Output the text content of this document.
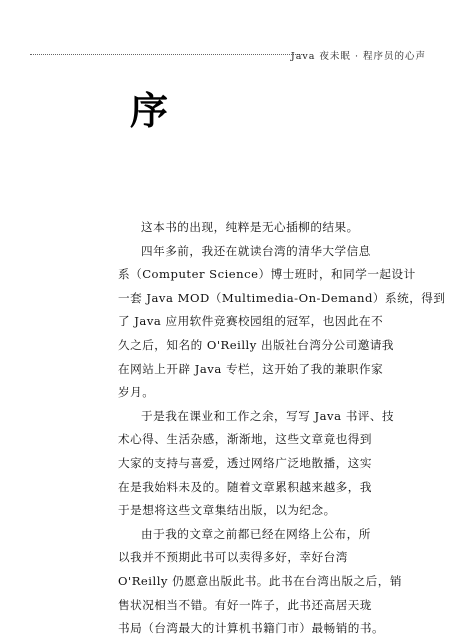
Java 夜未眠 · 程序员的心声
序

这本书的出现，纯粹是无心插柳的结果。

四年多前，我还在就读台湾的清华大学信息
系（Computer Science）博士班时，和同学一起设计
一套 Java MOD（Multimedia-On-Demand）系统，得到
了 Java 应用软件竞赛校园组的冠军，也因此在不
久之后，知名的 O'Reilly 出版社台湾分公司邀请我
在网站上开辟 Java 专栏，这开始了我的兼职作家
岁月。

于是我在课业和工作之余，写写 Java 书评、技
术心得、生活杂感，渐渐地，这些文章竟也得到
大家的支持与喜爱，透过网络广泛地散播，这实
在是我始料未及的。随着文章累积越来越多，我
于是想将这些文章集结出版，以为纪念。

由于我的文章之前都已经在网络上公布，所
以我并不预期此书可以卖得多好，幸好台湾
O'Reilly 仍愿意出版此书。此书在台湾出版之后，销
售状况相当不错。有好一阵子，此书还高居天珑
书局（台湾最大的计算机书籍门市）最畅销的书。
